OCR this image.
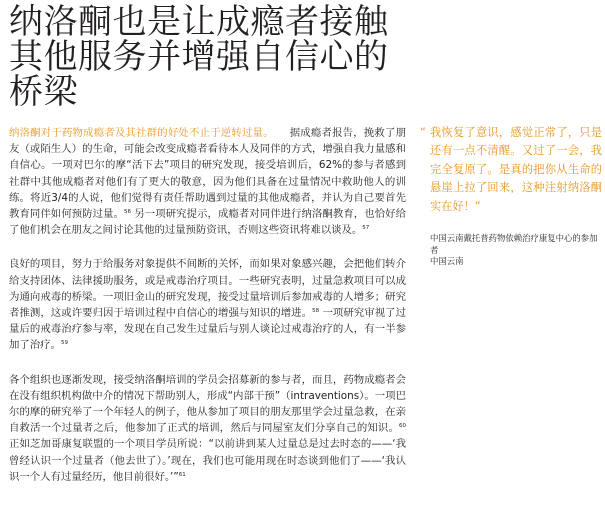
纳洛酮也是让成瘾者接触其他服务并增强自信心的桥梁

纳洛酮对于药物成瘾者及其社群的好处不止于逆转过量。　　据成瘾者报告，挽救了朋友（或陌生人）的生命，可能会改变成瘾者看待本人及同伴的方式，增强自我力量感和自信心。一项对巴尔的摩“活下去”项目的研究发现，接受培训后，62%的参与者感到社群中其他成瘾者对他们有了更大的敬意，因为他们具备在过量情况中救助他人的训练。将近3/4的人说，他们觉得有责任帮助遇到过量的其他成瘾者，并认为自己要首先教育同伴如何预防过量。$^{56}$ 另一项研究提示，成瘾者对同伴进行纳洛酮教育，也恰好给了他们机会在朋友之间讨论其他的过量预防资讯，否则这些资讯将难以谈及。$^{57}$

良好的项目，努力于给服务对象提供不间断的关怀，而如果对象感兴趣，会把他们转介给支持团体、法律援助服务，或是戒毒治疗项目。一些研究表明，过量急救项目可以成为通向戒毒的桥梁。一项旧金山的研究发现，接受过量培训后参加戒毒的人增多；研究者推测，这或许要归因于培训过程中自信心的增强与知识的增进。$^{58}$ 一项研究审视了过量后的戒毒治疗参与率，发现在自己发生过量后与别人谈论过戒毒治疗的人，有一半参加了治疗。$^{59}$

各个组织也逐渐发现，接受纳洛酮培训的学员会招募新的参与者，而且，药物成瘾者会在没有组织机构做中介的情况下帮助别人，形成“内部干预”（intraventions）。一项巴尔的摩的研究举了一个年轻人的例子，他从参加了项目的朋友那里学会过量急救，在亲自救活一个过量者之后，他参加了正式的培训，然后与同屋室友们分享自己的知识。$^{60}$ 正如芝加哥康复联盟的一个项目学员所说：“以前讲到某人过量总是过去时态的——‘我曾经认识一个过量者（他去世了）。’现在，我们也可能用现在时态谈到他们了——‘我认识一个人有过量经历，他目前很好。’”$^{61}$

“ 我恢复了意识，感觉正常了，只是还有一点不清醒。又过了一会，我完全复原了。是真的把你从生命的悬崖上拉了回来，这种注射纳洛酮实在好！”
中国云南戴托普药物依赖治疗康复中心的参加者
中国云南
